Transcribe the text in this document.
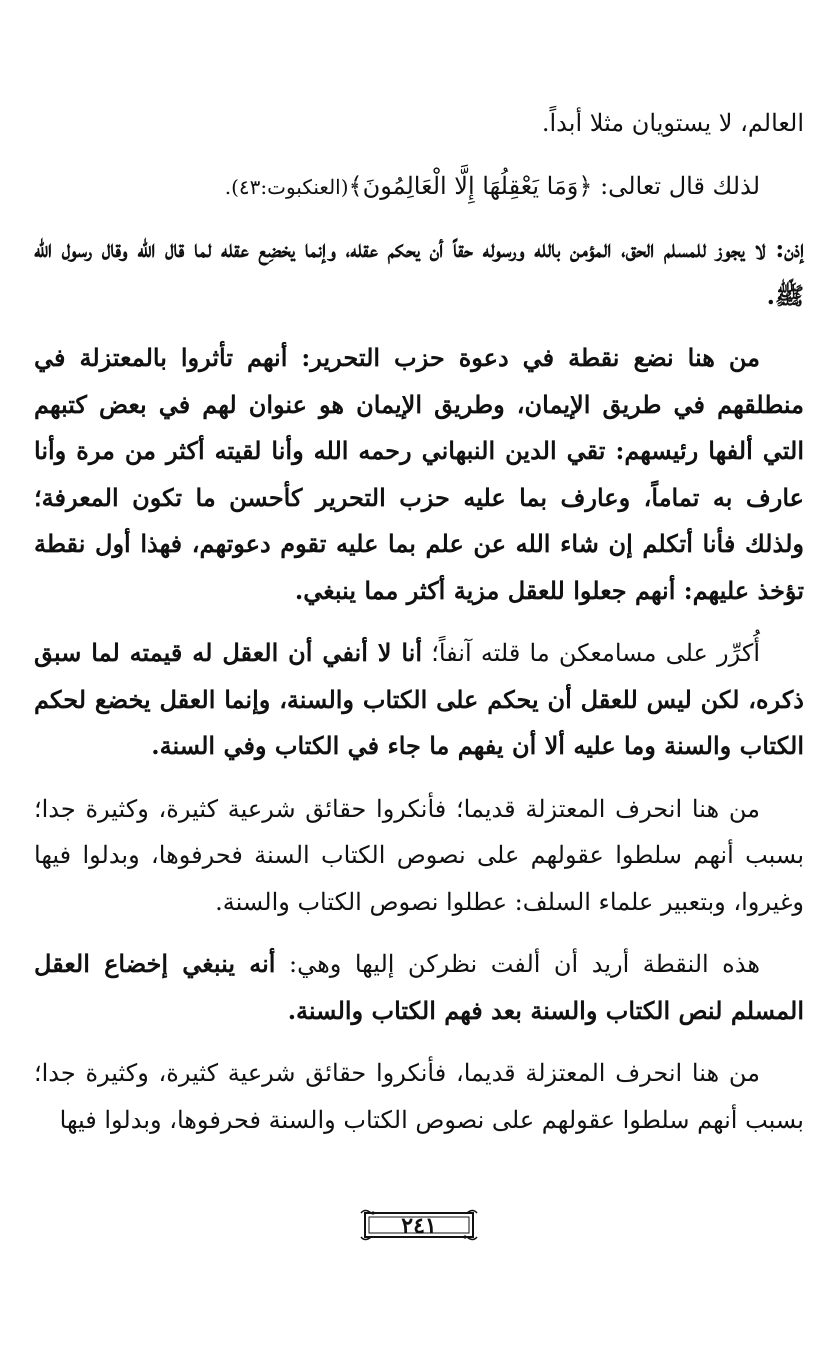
العالم، لا يستويان مثلا أبداً.

لذلك قال تعالى: ﴿وَمَا يَعْقِلُهَا إِلَّا الْعَالِمُونَ﴾(العنكبوت:٤٣).

إذن: لا يجوز للمسلم الحق، المؤمن بالله ورسوله حقاً أن يحكم عقله، وإنما يخضِع عقله لما قال الله وقال رسول الله ﷺ.

من هنا نضع نقطة في دعوة حزب التحرير: أنهم تأثروا بالمعتزلة في منطلقهم في طريق الإيمان، وطريق الإيمان هو عنوان لهم في بعض كتبهم التي ألفها رئيسهم: تقي الدين النبهاني رحمه الله وأنا لقيته أكثر من مرة وأنا عارف به تماماً، وعارف بما عليه حزب التحرير كأحسن ما تكون المعرفة؛ ولذلك فأنا أتكلم إن شاء الله عن علم بما عليه تقوم دعوتهم، فهذا أول نقطة تؤخذ عليهم: أنهم جعلوا للعقل مزية أكثر مما ينبغي.

أُكرِّر على مسامعكن ما قلته آنفاً؛ أنا لا أنفي أن العقل له قيمته لما سبق ذكره، لكن ليس للعقل أن يحكم على الكتاب والسنة، وإنما العقل يخضع لحكم الكتاب والسنة وما عليه ألا أن يفهم ما جاء في الكتاب وفي السنة.

من هنا انحرف المعتزلة قديما؛ فأنكروا حقائق شرعية كثيرة، وكثيرة جدا؛ بسبب أنهم سلطوا عقولهم على نصوص الكتاب السنة فحرفوها، وبدلوا فيها وغيروا، وبتعبير علماء السلف: عطلوا نصوص الكتاب والسنة.

هذه النقطة أريد أن ألفت نظركن إليها وهي: أنه ينبغي إخضاع العقل المسلم لنص الكتاب والسنة بعد فهم الكتاب والسنة.

من هنا انحرف المعتزلة قديما، فأنكروا حقائق شرعية كثيرة، وكثيرة جدا؛ بسبب أنهم سلطوا عقولهم على نصوص الكتاب والسنة فحرفوها، وبدلوا فيها

٢٤١
